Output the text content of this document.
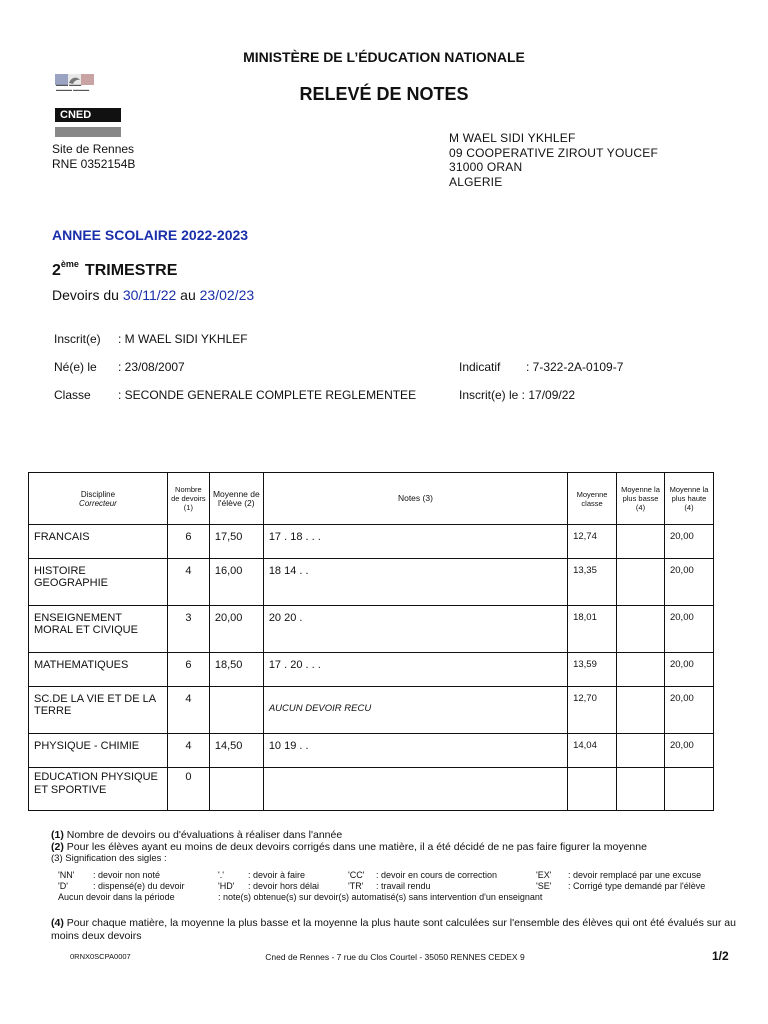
MINISTÈRE DE L’ÉDUCATION NATIONALE
RELEVÉ DE NOTES
▬▬▬ ▬▬▬
▬▬▬▬ ▬▬▬▬
CNED
Site de Rennes
RNE 0352154B
M WAEL SIDI YKHLEF
09 COOPERATIVE ZIROUT YOUCEF
31000 ORAN
ALGERIE
ANNEE SCOLAIRE 2022-2023
2ème TRIMESTRE
Devoirs du 30/11/22 au 23/02/23
Inscrit(e) : M WAEL SIDI YKHLEF
Né(e) le : 23/08/2007	Indicatif : 7-322-2A-0109-7
Classe : SECONDE GENERALE COMPLETE REGLEMENTEE	Inscrit(e) le : 17/09/22
Discipline
Correcteur	Nombre de devoirs (1)	Moyenne de l'élève (2)	Notes (3)	Moyenne classe	Moyenne la plus basse (4)	Moyenne la plus haute (4)
FRANCAIS	6	17,50	17 . 18 . . .	12,74		20,00
HISTOIRE GEOGRAPHIE	4	16,00	18 14 . .	13,35		20,00
ENSEIGNEMENT MORAL ET CIVIQUE	3	20,00	20 20 .	18,01		20,00
MATHEMATIQUES	6	18,50	17 . 20 . . .	13,59		20,00
SC.DE LA VIE ET DE LA TERRE	4		AUCUN DEVOIR RECU	12,70		20,00
PHYSIQUE - CHIMIE	4	14,50	10 19 . .	14,04		20,00
EDUCATION PHYSIQUE ET SPORTIVE	0					
(1) Nombre de devoirs ou d'évaluations à réaliser dans l'année
(2) Pour les élèves ayant eu moins de deux devoirs corrigés dans une matière, il a été décidé de ne pas faire figurer la moyenne
(3) Signification des sigles :
'NN' : devoir non noté	'.'	: devoir à faire	'CC' : devoir en cours de correction	'EX' : devoir remplacé par une excuse
'D'	: dispensé(e) du devoir	'HD' : devoir hors délai	'TR' : travail rendu	'SE' : Corrigé type demandé par l'élève
Aucun devoir dans la période	: note(s) obtenue(s) sur devoir(s) automatisé(s) sans intervention d'un enseignant
(4) Pour chaque matière, la moyenne la plus basse et la moyenne la plus haute sont calculées sur l'ensemble des élèves qui ont été évalués sur au moins deux devoirs
0RNX0SCPA0007	Cned de Rennes - 7 rue du Clos Courtel - 35050 RENNES CEDEX 9	1/2
